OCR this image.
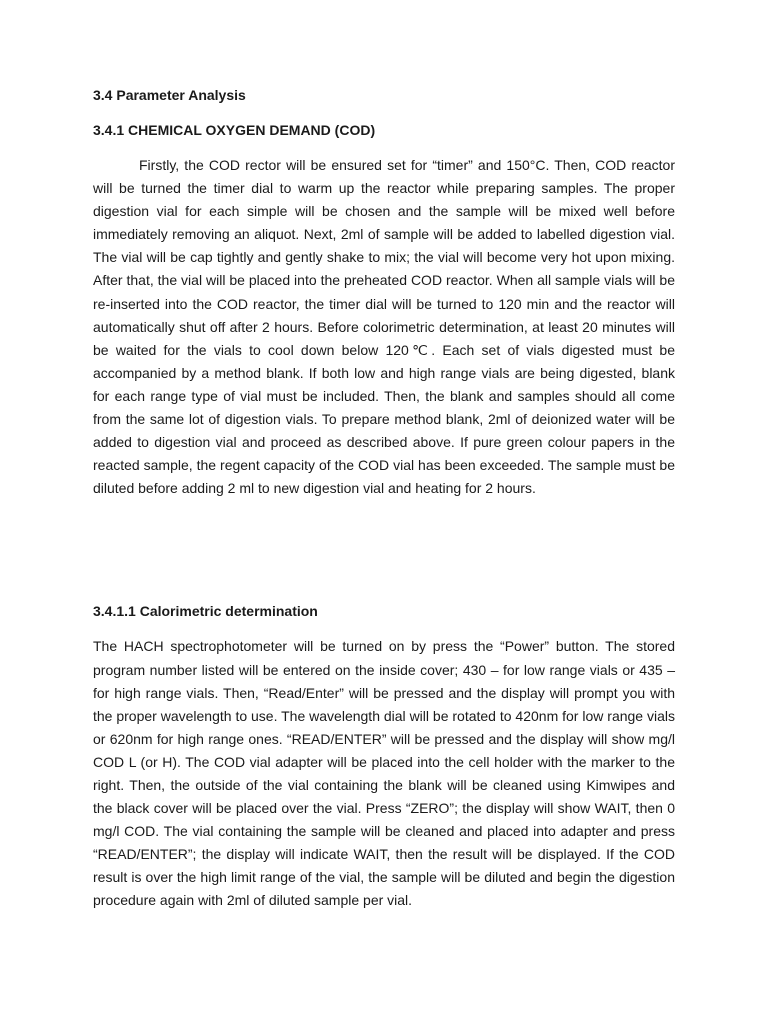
3.4 Parameter Analysis

3.4.1 CHEMICAL OXYGEN DEMAND (COD)

Firstly, the COD rector will be ensured set for “timer” and 150°C. Then, COD reactor will be turned the timer dial to warm up the reactor while preparing samples. The proper digestion vial for each simple will be chosen and the sample will be mixed well before immediately removing an aliquot. Next, 2ml of sample will be added to labelled digestion vial. The vial will be cap tightly and gently shake to mix; the vial will become very hot upon mixing. After that, the vial will be placed into the preheated COD reactor. When all sample vials will be re-inserted into the COD reactor, the timer dial will be turned to 120 min and the reactor will automatically shut off after 2 hours. Before colorimetric determination, at least 20 minutes will be waited for the vials to cool down below 120℃. Each set of vials digested must be accompanied by a method blank. If both low and high range vials are being digested, blank for each range type of vial must be included. Then, the blank and samples should all come from the same lot of digestion vials. To prepare method blank, 2ml of deionized water will be added to digestion vial and proceed as described above. If pure green colour papers in the reacted sample, the regent capacity of the COD vial has been exceeded. The sample must be diluted before adding 2 ml to new digestion vial and heating for 2 hours.

3.4.1.1 Calorimetric determination

The HACH spectrophotometer will be turned on by press the “Power” button. The stored program number listed will be entered on the inside cover; 430 – for low range vials or 435 – for high range vials. Then, “Read/Enter” will be pressed and the display will prompt you with the proper wavelength to use. The wavelength dial will be rotated to 420nm for low range vials or 620nm for high range ones. “READ/ENTER” will be pressed and the display will show mg/l COD L (or H). The COD vial adapter will be placed into the cell holder with the marker to the right. Then, the outside of the vial containing the blank will be cleaned using Kimwipes and the black cover will be placed over the vial. Press “ZERO”; the display will show WAIT, then 0 mg/l COD. The vial containing the sample will be cleaned and placed into adapter and press “READ/ENTER”; the display will indicate WAIT, then the result will be displayed. If the COD result is over the high limit range of the vial, the sample will be diluted and begin the digestion procedure again with 2ml of diluted sample per vial.
